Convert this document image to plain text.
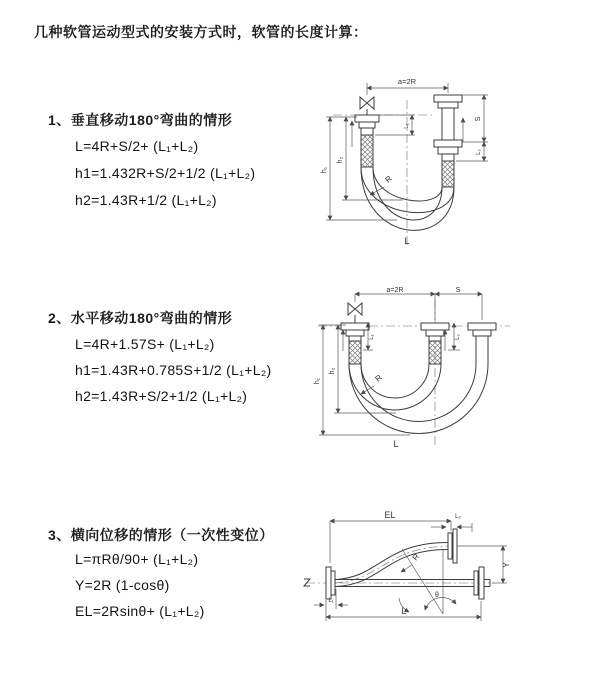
几种软管运动型式的安装方式时，软管的长度计算：
1、垂直移动180°弯曲的情形
L=4R+S/2+ (L₁+L₂)
h1=1.432R+S/2+1/2 (L₁+L₂)
h2=1.43R+1/2 (L₁+L₂)
2、水平移动180°弯曲的情形
L=4R+1.57S+ (L₁+L₂)
h1=1.43R+0.785S+1/2 (L₁+L₂)
h2=1.43R+S/2+1/2 (L₁+L₂)
3、横向位移的情形（一次性变位）
L=πRθ/90+ (L₁+L₂)
Y=2R (1-cosθ)
EL=2Rsinθ+ (L₁+L₂)
a=2R
S
L₂
L₁
h₁
h₂
R
L
a=2R	S
L₁	L₂
h₁
h₂
R
L
EL	L₂
Y
L₁
L
R
θ
